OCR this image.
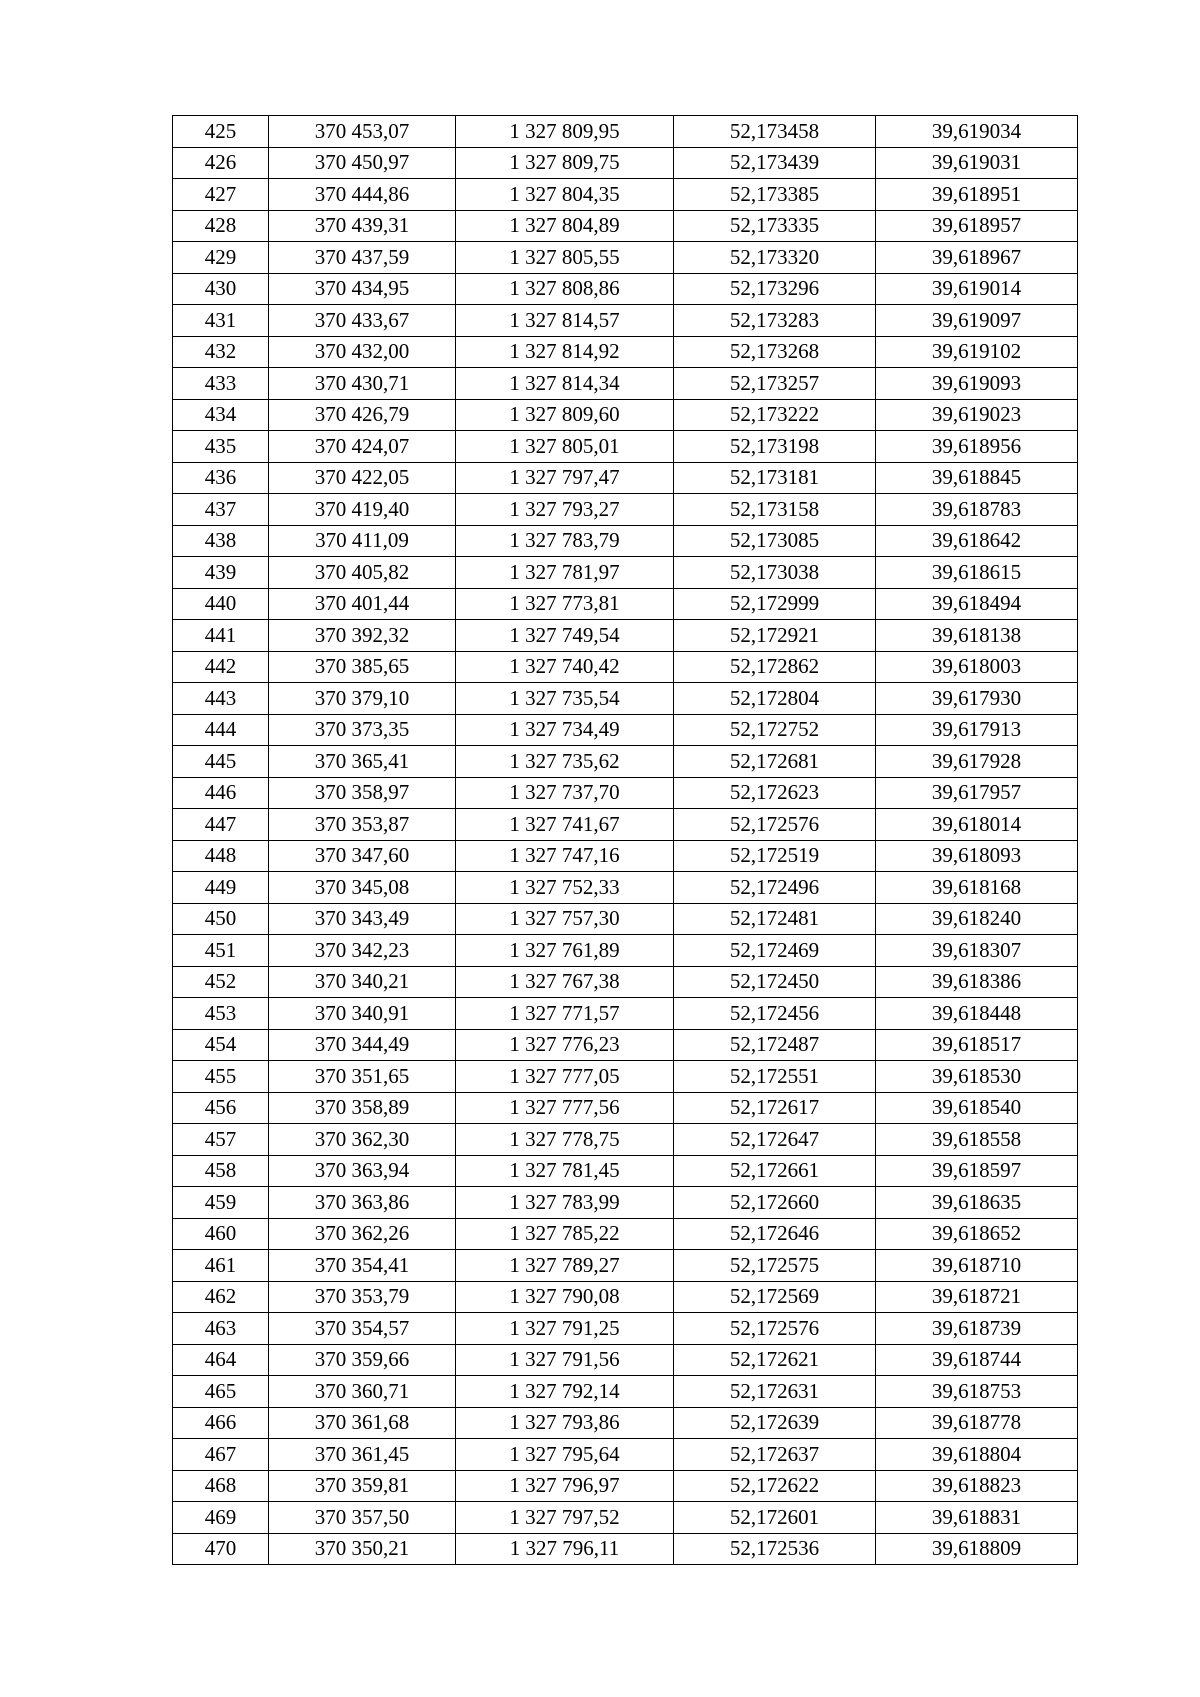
425	370 453,07	1 327 809,95	52,173458	39,619034
426	370 450,97	1 327 809,75	52,173439	39,619031
427	370 444,86	1 327 804,35	52,173385	39,618951
428	370 439,31	1 327 804,89	52,173335	39,618957
429	370 437,59	1 327 805,55	52,173320	39,618967
430	370 434,95	1 327 808,86	52,173296	39,619014
431	370 433,67	1 327 814,57	52,173283	39,619097
432	370 432,00	1 327 814,92	52,173268	39,619102
433	370 430,71	1 327 814,34	52,173257	39,619093
434	370 426,79	1 327 809,60	52,173222	39,619023
435	370 424,07	1 327 805,01	52,173198	39,618956
436	370 422,05	1 327 797,47	52,173181	39,618845
437	370 419,40	1 327 793,27	52,173158	39,618783
438	370 411,09	1 327 783,79	52,173085	39,618642
439	370 405,82	1 327 781,97	52,173038	39,618615
440	370 401,44	1 327 773,81	52,172999	39,618494
441	370 392,32	1 327 749,54	52,172921	39,618138
442	370 385,65	1 327 740,42	52,172862	39,618003
443	370 379,10	1 327 735,54	52,172804	39,617930
444	370 373,35	1 327 734,49	52,172752	39,617913
445	370 365,41	1 327 735,62	52,172681	39,617928
446	370 358,97	1 327 737,70	52,172623	39,617957
447	370 353,87	1 327 741,67	52,172576	39,618014
448	370 347,60	1 327 747,16	52,172519	39,618093
449	370 345,08	1 327 752,33	52,172496	39,618168
450	370 343,49	1 327 757,30	52,172481	39,618240
451	370 342,23	1 327 761,89	52,172469	39,618307
452	370 340,21	1 327 767,38	52,172450	39,618386
453	370 340,91	1 327 771,57	52,172456	39,618448
454	370 344,49	1 327 776,23	52,172487	39,618517
455	370 351,65	1 327 777,05	52,172551	39,618530
456	370 358,89	1 327 777,56	52,172617	39,618540
457	370 362,30	1 327 778,75	52,172647	39,618558
458	370 363,94	1 327 781,45	52,172661	39,618597
459	370 363,86	1 327 783,99	52,172660	39,618635
460	370 362,26	1 327 785,22	52,172646	39,618652
461	370 354,41	1 327 789,27	52,172575	39,618710
462	370 353,79	1 327 790,08	52,172569	39,618721
463	370 354,57	1 327 791,25	52,172576	39,618739
464	370 359,66	1 327 791,56	52,172621	39,618744
465	370 360,71	1 327 792,14	52,172631	39,618753
466	370 361,68	1 327 793,86	52,172639	39,618778
467	370 361,45	1 327 795,64	52,172637	39,618804
468	370 359,81	1 327 796,97	52,172622	39,618823
469	370 357,50	1 327 797,52	52,172601	39,618831
470	370 350,21	1 327 796,11	52,172536	39,618809
